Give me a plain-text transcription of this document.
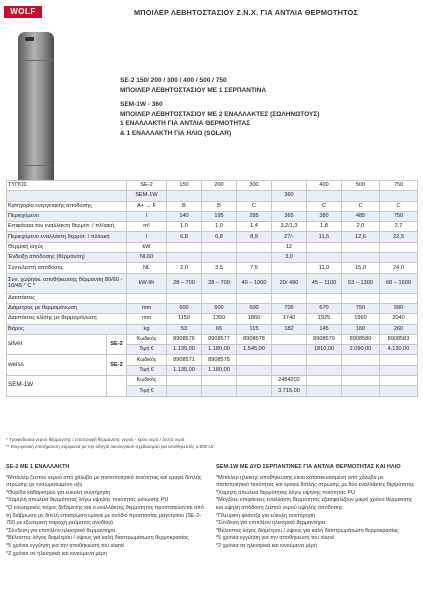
WOLF	ΜΠΟΙΛΕΡ ΛΕΒΗΤΟΣΤΑΣΙΟΥ Ζ.Ν.Χ. ΓΙΑ ΑΝΤΛΙΑ ΘΕΡΜΟΤΗΤΟΣ
SE-2 150/ 200 / 300 / 400 / 500 / 750
ΜΠΟΙΛΕΡ ΛΕΒΗΤΟΣΤΑΣΙΟΥ ΜΕ 1 ΣΕΡΠΑΝΤΙΝΑ
SEM-1W - 360
ΜΠΟΙΛΕΡ ΛΕΒΗΤΟΣΤΑΣΙΟΥ ΜΕ 2 ΕΝΑΛΛΑΚΤΕΣ (ΣΩΛΗΝΩΤΟΥΣ)
1 ΕΝΑΛΛΑΚΤΗ ΓΙΑ ΑΝΤΛΙΑ ΘΕΡΜΟΤΗΤΑΣ
& 1 ΕΝΑΛΛΑΚΤΗ ΓΙΑ ΗΛΙΟ (SOLAR)
ΤΥΠΟΣ		SE-2	150	200	300		400	500	750
		SEM-1W				360			
Κατηγορία ενεργειακής απόδοσης		A+ → F	B	B	C		C	C	C
Περιεχόμενο		l	140	195	285	365	380	485	750
Επιφάνεια του εναλλάκτη θερμότ. / πλ/ιακή		m²	1,0	1,0	1,4	3,2/1,3	1,8	2,0	2,7
Περιεχόμενο εναλλάκτη θερμότ. / πλ/ιακή		l	6,8	6,8	8,9	27/-	11,5	12,6	22,5
Θερμική ισχύς		kW				12			
Ένδειξη απόδοσης (θέρμανση)		NL60				3,0			
Συντελεστή απόδοσης		NL	2,0	3,5	7,5		11,0	15,0	24,0
Συν. χωρητικ. αποθήκευσης θέρμανση 80/60 - 10/45 ° C *		kW-l/h	28 – 700	28 – 700	40 – 1000	20/ 490	45 – 1100	53 – 1300	68 – 1600
Διαστάσεις									
Διάμετρος με θερμομόνωση		mm	600	600	600	705	670	750	990
Διαστάσεις κλίσης με θερμομόνωση		mm	1150	1350	1860	1740	1925	1960	2040
Βάρος		kg	53	65	115	182	145	160	260
silver	SE-2	Κωδικός	8908576	8908577	8908578		8908579	8908580	8908583
		Τιμή €	1.135,00	1.180,00	1.545,00		1810,00	2.090,00	4.130,00
weiss	SE-2	Κωδικός	8908571	8908575					
		Τιμή €	1.135,00	1.180,00					
SEM-1W		Κωδικός				2484202			
		Τιμή €				3.715,00			
* Τροφοδοσία νερού θέρμανσης / επιστροφή θέρμανσης νερού - κρύο νερό / ζεστό νερό
** Ενεργειακή επισήμανση σύμφωνα με την οδηγία οικολογικού σχεδιασμού για αποθηκευτές ≤ 500 Ltr.
SE-2 ΜΕ 1 ΕΝΑΛΛΑΚΤΗ
*Μπόιλερ ζεστού νερού από χάλυβα με πιστοποιητικό ποιότητας και εμαγιέ διπλής στρώσης με ενσωματωμένο οξύ
*Θυρίδα καθαρισμού για εύκολη συντήρηση
*Χαμηλή απώλεια θερμότητας λόγω υψηλής ποιότητας μόνωσης PU
*Ο εσωτερικός τοίχος δεξαμενής και ο εναλλάκτης θερμότητας προστατεύονται από τη διάβρωση με διπλή επίστρωση εμαγιέ με ανόδιο προστασίας μαγνησίου (SE-2-750 με εξωτερική παροχή ρεύματος ανοδίου)
*Σύνδεση για επιπλέον ηλεκτρικό θερμαντήρα
*Βέλτιστος λόγος διαμέτρου / ύψους για καλή διαστρωμάτωση θερμοκρασίας
*5 χρόνια εγγύηση για την αποθήκευση του stand
*2 χρόνια σε ηλεκτρικά και κινούμενα μέρη
SEM-1W ΜΕ ΔΥΟ ΣΕΡΠΑΝΤΙΝΕΣ ΓΙΑ ΑΝΤΛΙΑ ΘΕΡΜΟΤΗΤΑΣ ΚΑΙ ΗΛΙΟ
*Μπόιλερ ηλιακής αποθήκευσης είναι κατασκευασμένη από χάλυβα με πιστοποιητικό ποιότητας και εμαγιέ διπλής στρώσης με δύο εναλλάκτες θερμότητας
*Χαμηλή απώλεια θερμότητας λόγω υψηλής ποιότητας PU
*Μεγάλες επιφάνειες εναλλάκτη θερμότητας εξασφαλίζουν μικρό χρόνο θέρμανσης και υψηλή απόδοση ζεστού νερού υψηλής απόδοσης
*Πλευρική φλάντζα για εύκολη συντήρηση
*Σύνδεση για επιπλέον ηλεκτρικό θερμαντήρα
*Βέλτιστος λόγος διαμέτρου / ύψους για καλή διαστρωμάτωση θερμοκρασίας
*5 χρόνια εγγύηση για την αποθήκευση του stand
*2 χρόνια σε ηλεκτρικά και κινούμενα μέρη
